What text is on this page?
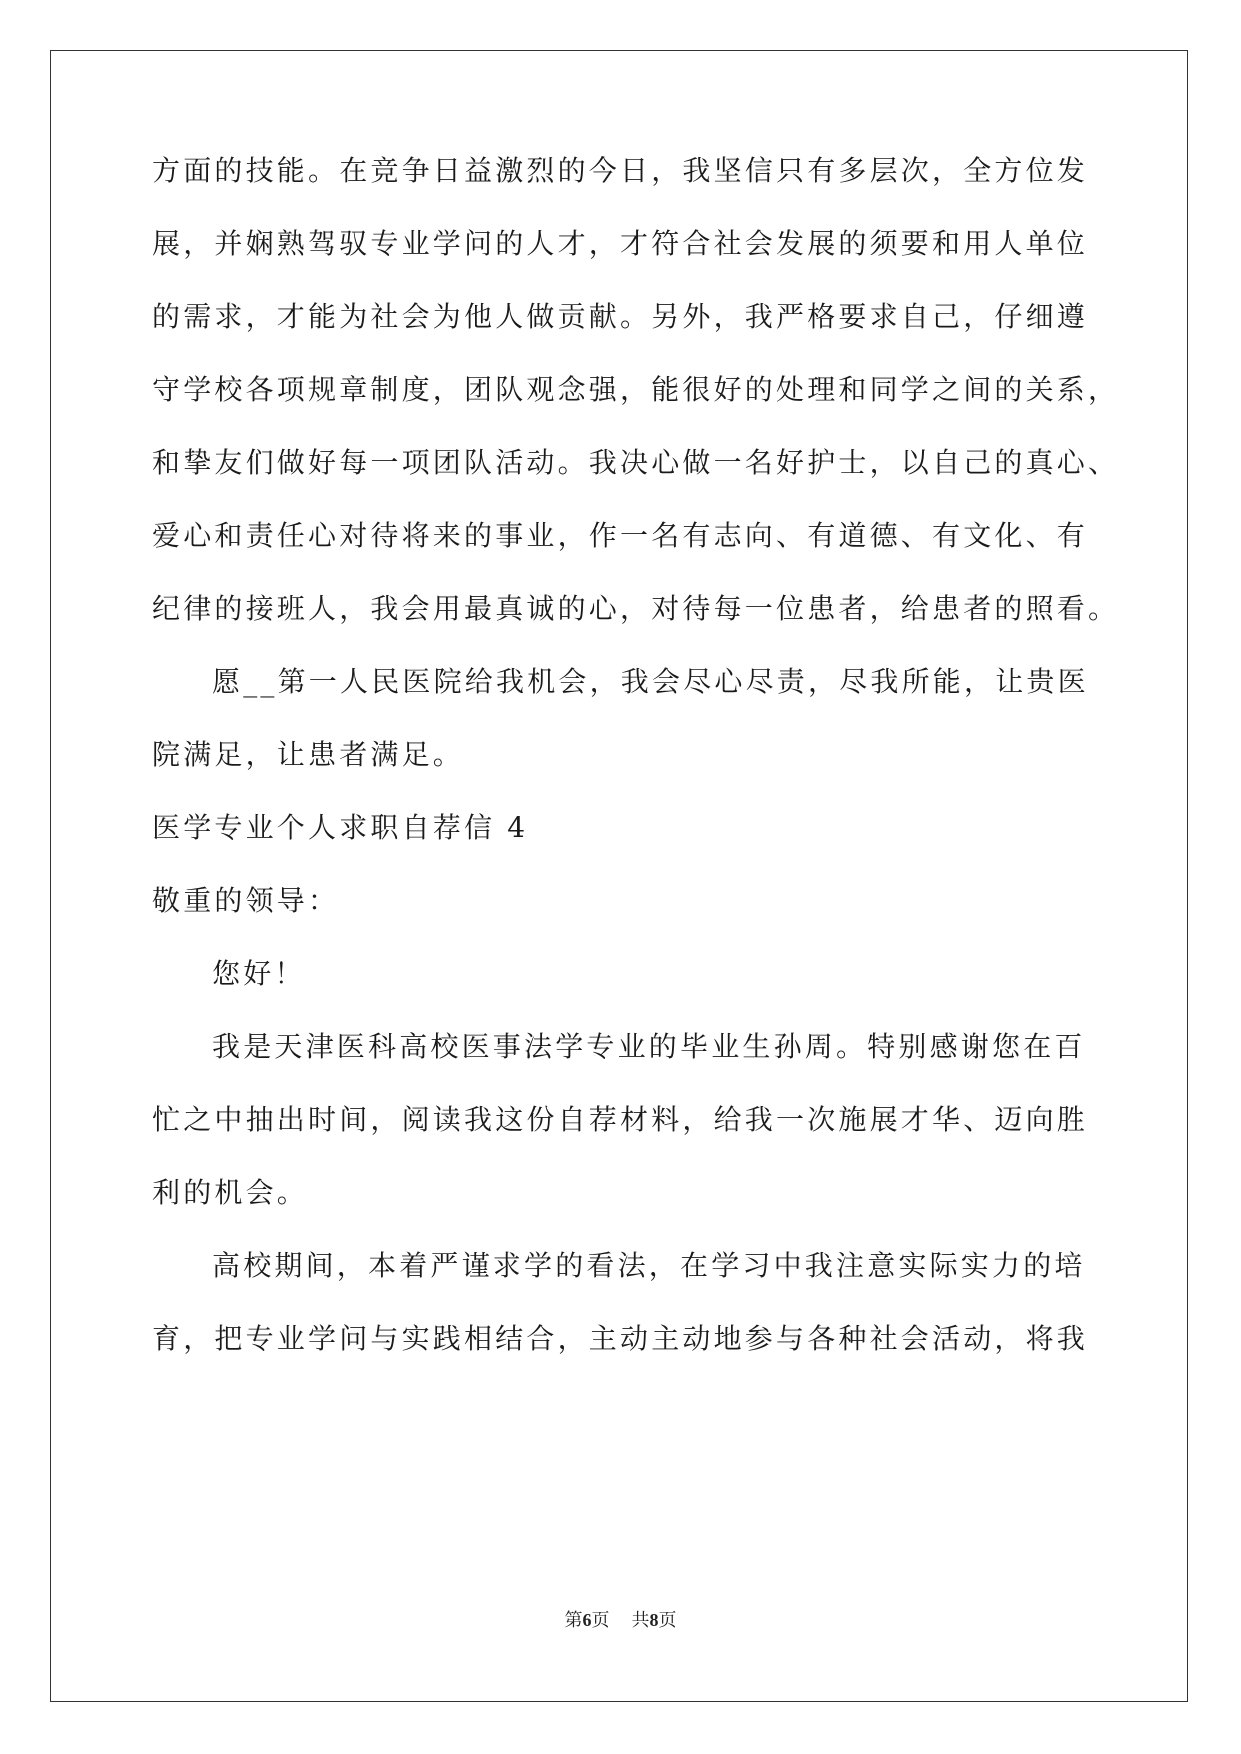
方面的技能。在竞争日益激烈的今日，我坚信只有多层次，全方位发
展，并娴熟驾驭专业学问的人才，才符合社会发展的须要和用人单位
的需求，才能为社会为他人做贡献。另外，我严格要求自己，仔细遵
守学校各项规章制度，团队观念强，能很好的处理和同学之间的关系，
和挚友们做好每一项团队活动。我决心做一名好护士，以自己的真心、
爱心和责任心对待将来的事业，作一名有志向、有道德、有文化、有
纪律的接班人，我会用最真诚的心，对待每一位患者，给患者的照看。
愿__第一人民医院给我机会，我会尽心尽责，尽我所能，让贵医
院满足，让患者满足。
医学专业个人求职自荐信 4
敬重的领导：
您好！
我是天津医科高校医事法学专业的毕业生孙周。特别感谢您在百
忙之中抽出时间，阅读我这份自荐材料，给我一次施展才华、迈向胜
利的机会。
高校期间，本着严谨求学的看法，在学习中我注意实际实力的培
育，把专业学问与实践相结合，主动主动地参与各种社会活动，将我
第6页 共8页
